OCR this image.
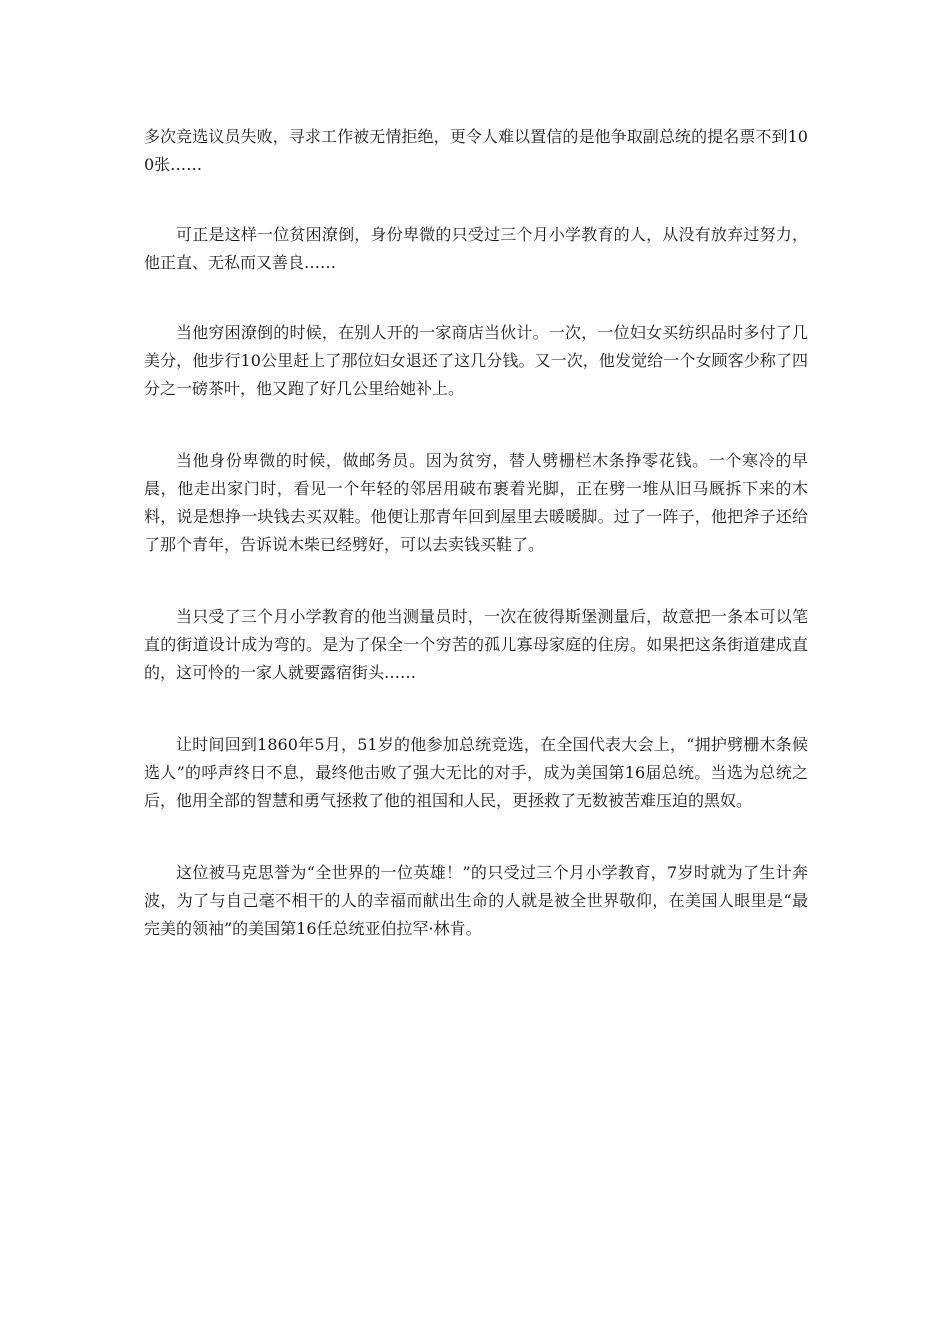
多次竞选议员失败，寻求工作被无情拒绝，更令人难以置信的是他争取副总统的提名票不到100张……

可正是这样一位贫困潦倒，身份卑微的只受过三个月小学教育的人，从没有放弃过努力，他正直、无私而又善良……

当他穷困潦倒的时候，在别人开的一家商店当伙计。一次，一位妇女买纺织品时多付了几美分，他步行10公里赶上了那位妇女退还了这几分钱。又一次，他发觉给一个女顾客少称了四分之一磅茶叶，他又跑了好几公里给她补上。

当他身份卑微的时候，做邮务员。因为贫穷，替人劈栅栏木条挣零花钱。一个寒冷的早晨，他走出家门时，看见一个年轻的邻居用破布裹着光脚，正在劈一堆从旧马厩拆下来的木料，说是想挣一块钱去买双鞋。他便让那青年回到屋里去暖暖脚。过了一阵子，他把斧子还给了那个青年，告诉说木柴已经劈好，可以去卖钱买鞋了。

当只受了三个月小学教育的他当测量员时，一次在彼得斯堡测量后，故意把一条本可以笔直的街道设计成为弯的。是为了保全一个穷苦的孤儿寡母家庭的住房。如果把这条街道建成直的，这可怜的一家人就要露宿街头……

让时间回到1860年5月，51岁的他参加总统竞选，在全国代表大会上，“拥护劈栅木条候选人”的呼声终日不息，最终他击败了强大无比的对手，成为美国第16届总统。当选为总统之后，他用全部的智慧和勇气拯救了他的祖国和人民，更拯救了无数被苦难压迫的黑奴。

这位被马克思誉为“全世界的一位英雄！”的只受过三个月小学教育，7岁时就为了生计奔波，为了与自己毫不相干的人的幸福而献出生命的人就是被全世界敬仰，在美国人眼里是“最完美的领袖”的美国第16任总统亚伯拉罕·林肯。
